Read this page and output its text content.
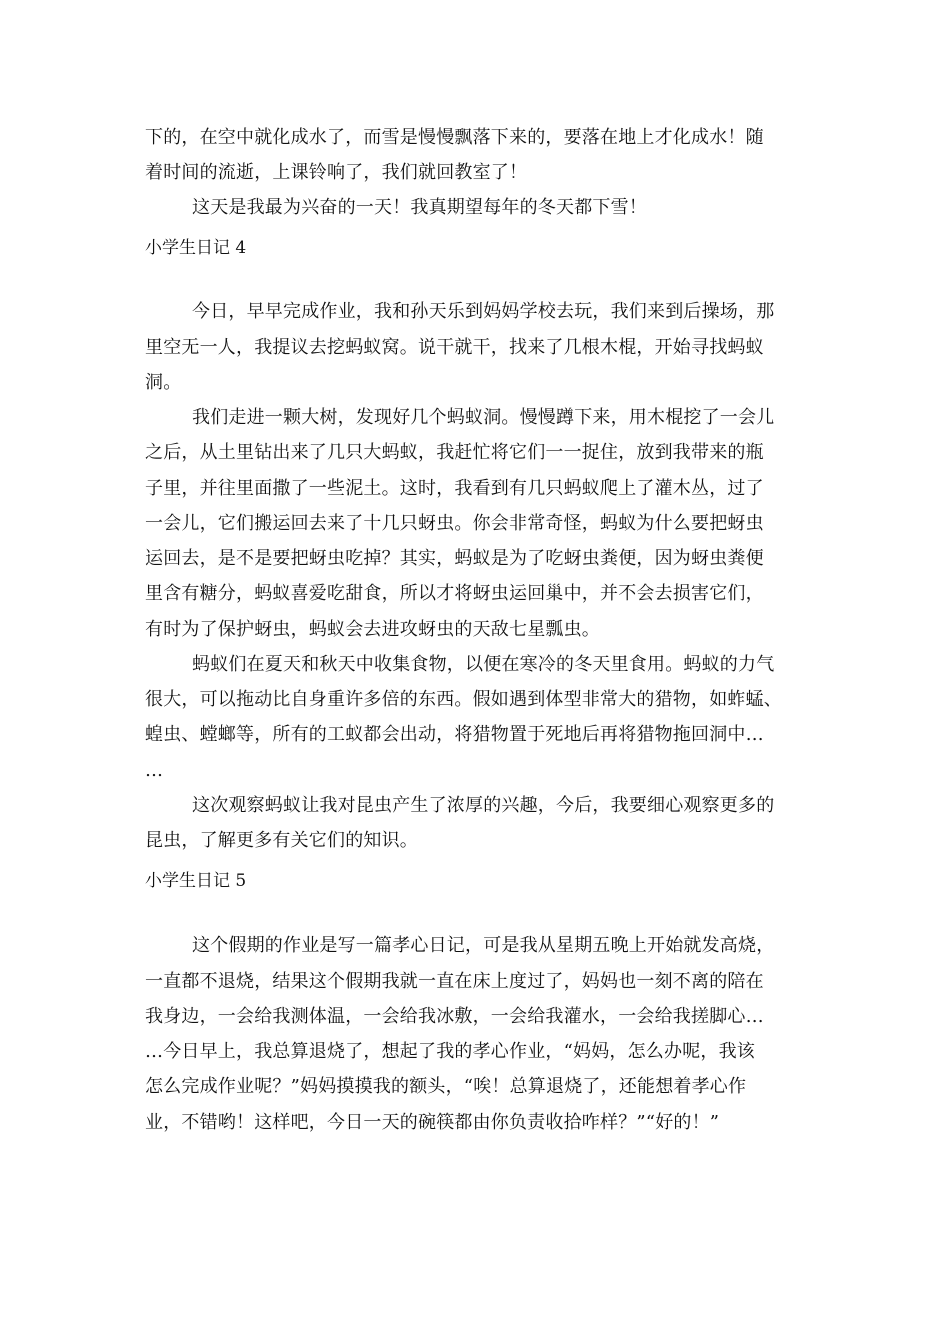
下的，在空中就化成水了，而雪是慢慢飘落下来的，要落在地上才化成水！随
着时间的流逝，上课铃响了，我们就回教室了！
这天是我最为兴奋的一天！我真期望每年的冬天都下雪！
小学生日记 4
今日，早早完成作业，我和孙天乐到妈妈学校去玩，我们来到后操场，那
里空无一人，我提议去挖蚂蚁窝。说干就干，找来了几根木棍，开始寻找蚂蚁
洞。
我们走进一颗大树，发现好几个蚂蚁洞。慢慢蹲下来，用木棍挖了一会儿
之后，从土里钻出来了几只大蚂蚁，我赶忙将它们一一捉住，放到我带来的瓶
子里，并往里面撒了一些泥土。这时，我看到有几只蚂蚁爬上了灌木丛，过了
一会儿，它们搬运回去来了十几只蚜虫。你会非常奇怪，蚂蚁为什么要把蚜虫
运回去，是不是要把蚜虫吃掉？其实，蚂蚁是为了吃蚜虫粪便，因为蚜虫粪便
里含有糖分，蚂蚁喜爱吃甜食，所以才将蚜虫运回巢中，并不会去损害它们，
有时为了保护蚜虫，蚂蚁会去进攻蚜虫的天敌七星瓢虫。
蚂蚁们在夏天和秋天中收集食物，以便在寒冷的冬天里食用。蚂蚁的力气
很大，可以拖动比自身重许多倍的东西。假如遇到体型非常大的猎物，如蚱蜢、
蝗虫、螳螂等，所有的工蚁都会出动，将猎物置于死地后再将猎物拖回洞中…
…
这次观察蚂蚁让我对昆虫产生了浓厚的兴趣，今后，我要细心观察更多的
昆虫，了解更多有关它们的知识。
小学生日记 5
这个假期的作业是写一篇孝心日记，可是我从星期五晚上开始就发高烧，
一直都不退烧，结果这个假期我就一直在床上度过了，妈妈也一刻不离的陪在
我身边，一会给我测体温，一会给我冰敷，一会给我灌水，一会给我搓脚心…
…今日早上，我总算退烧了，想起了我的孝心作业，“妈妈，怎么办呢，我该
怎么完成作业呢？”妈妈摸摸我的额头，“唉！总算退烧了，还能想着孝心作
业，不错哟！这样吧，今日一天的碗筷都由你负责收拾咋样？”“好的！”
